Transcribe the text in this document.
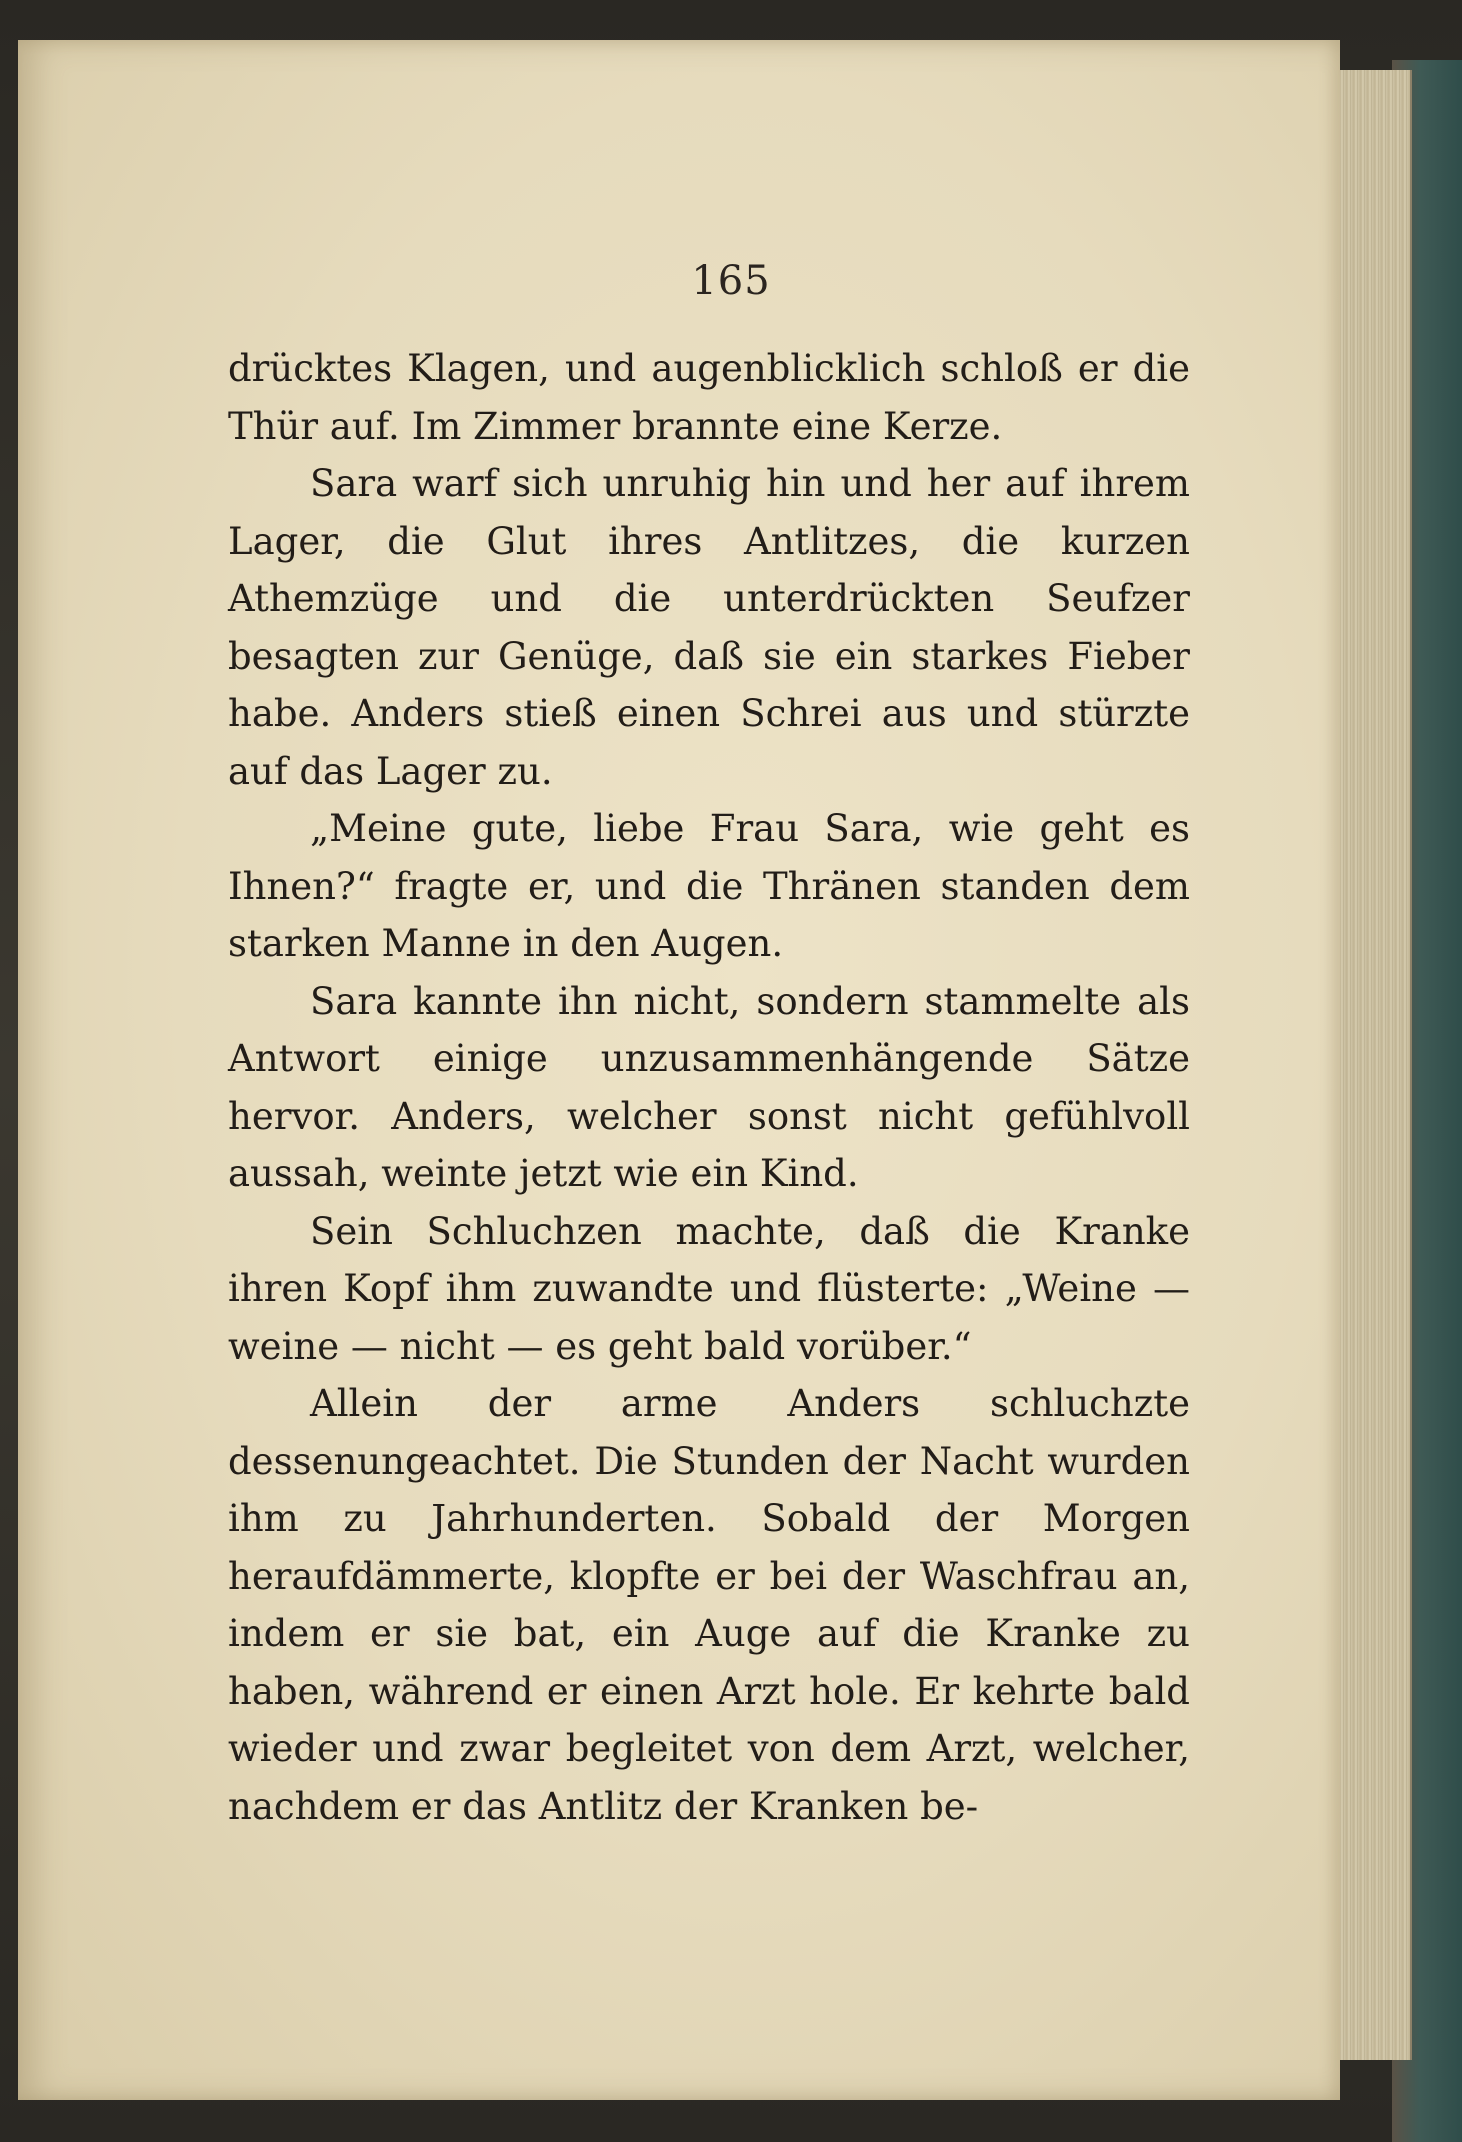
165

drücktes Klagen, und augenblicklich schloß er die Thür auf. Im Zimmer brannte eine Kerze.

Sara warf sich unruhig hin und her auf ihrem Lager, die Glut ihres Antlitzes, die kurzen Athemzüge und die unterdrückten Seufzer besagten zur Genüge, daß sie ein starkes Fieber habe. Anders stieß einen Schrei aus und stürzte auf das Lager zu.

„Meine gute, liebe Frau Sara, wie geht es Ihnen?“ fragte er, und die Thränen standen dem starken Manne in den Augen.

Sara kannte ihn nicht, sondern stammelte als Antwort einige unzusammenhängende Sätze hervor. Anders, welcher sonst nicht gefühlvoll aussah, weinte jetzt wie ein Kind.

Sein Schluchzen machte, daß die Kranke ihren Kopf ihm zuwandte und flüsterte: „Weine — weine — nicht — es geht bald vorüber.“

Allein der arme Anders schluchzte dessenungeachtet. Die Stunden der Nacht wurden ihm zu Jahrhunderten. Sobald der Morgen heraufdämmerte, klopfte er bei der Waschfrau an, indem er sie bat, ein Auge auf die Kranke zu haben, während er einen Arzt hole. Er kehrte bald wieder und zwar begleitet von dem Arzt, welcher, nachdem er das Antlitz der Kranken be-
